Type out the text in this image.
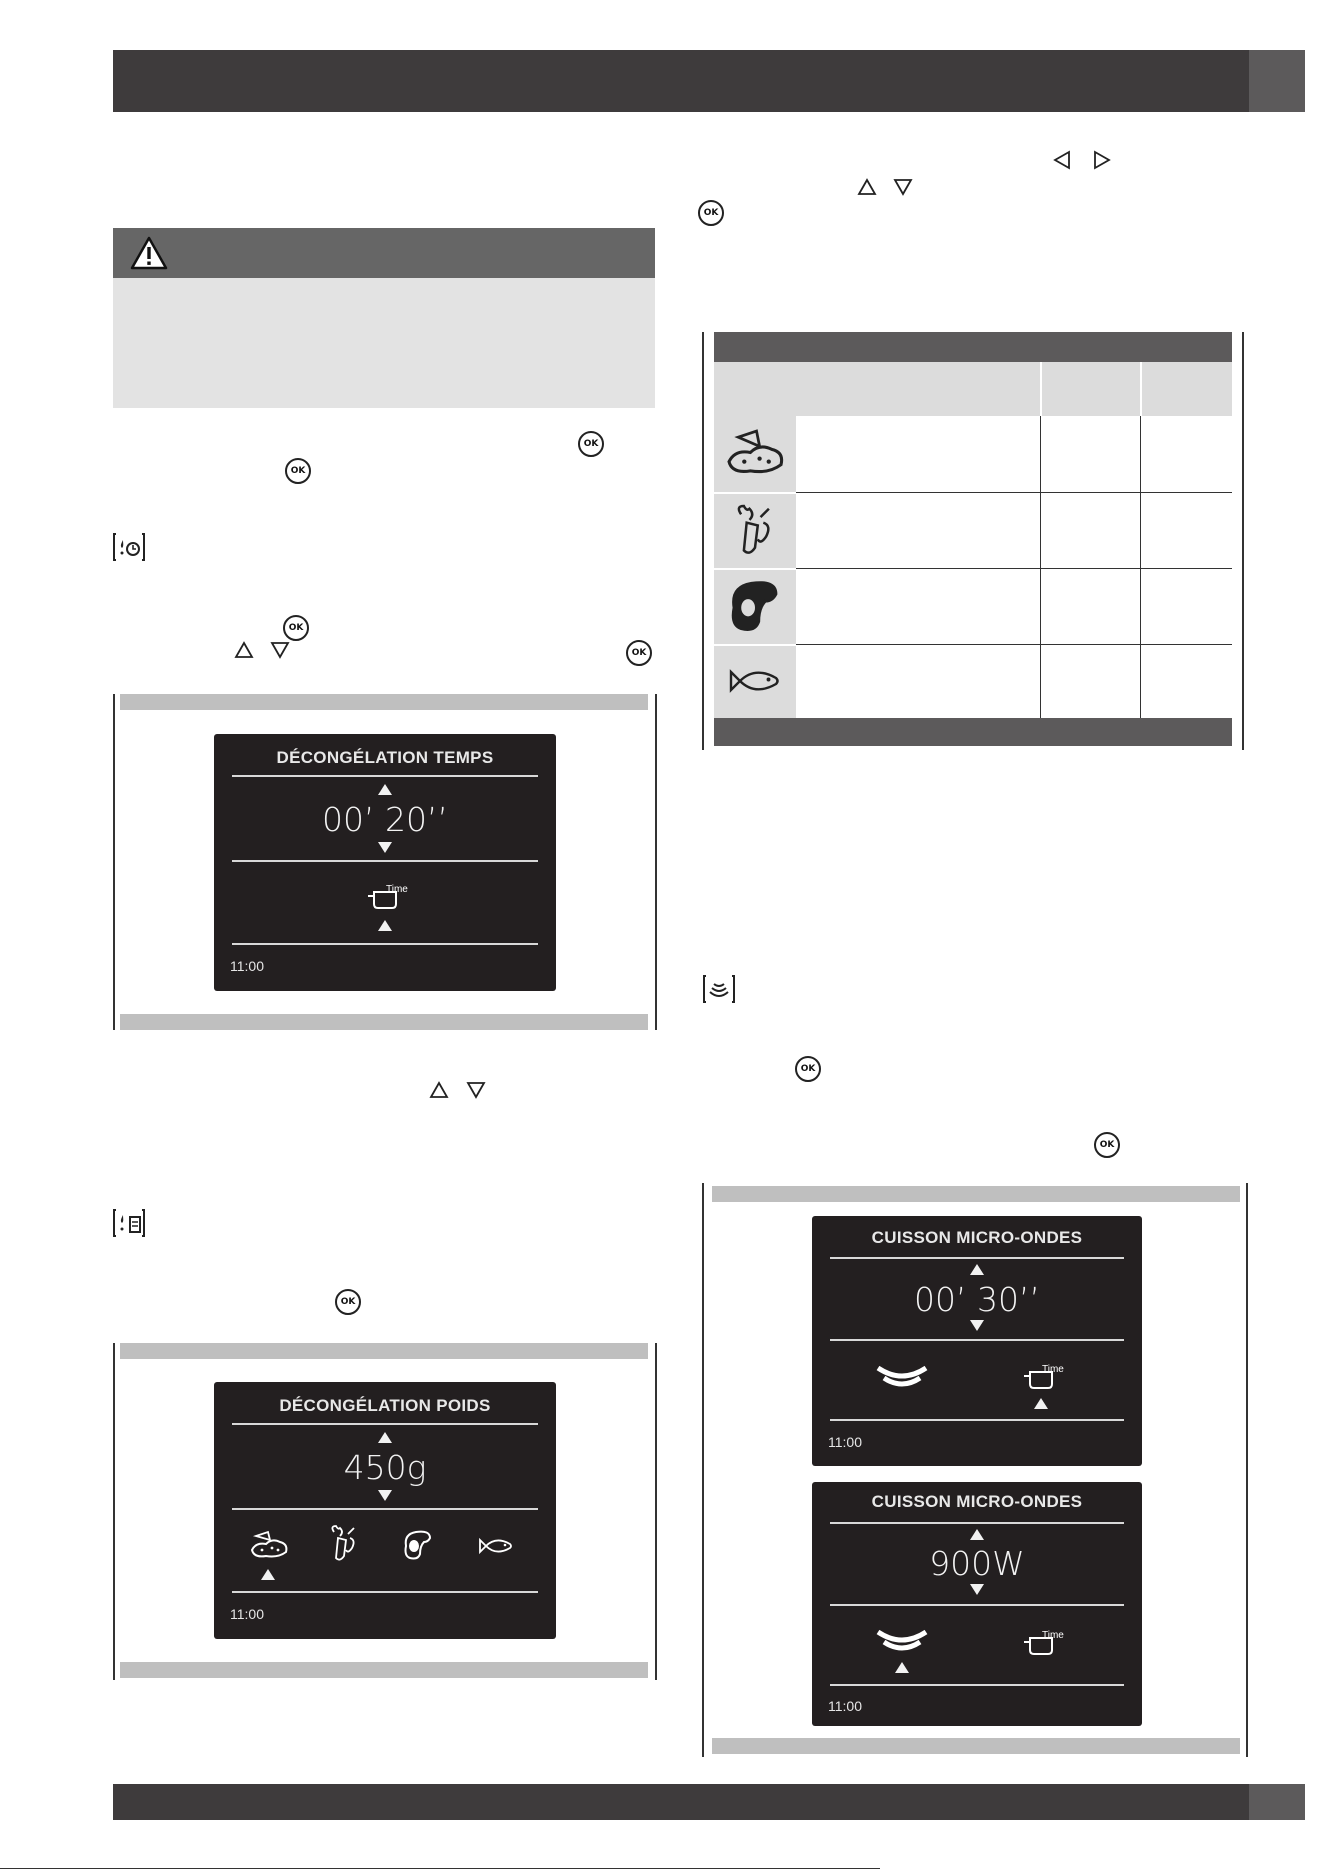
OK
OK
OK
OK
DÉCONGÉLATION TEMPS
00’ 20’’
Time
11:00
OK
DÉCONGÉLATION POIDS
450g
11:00
OK
OK
OK
CUISSON MICRO-ONDES
00’ 30’’
Time
11:00
CUISSON MICRO-ONDES
900W
Time
11:00
